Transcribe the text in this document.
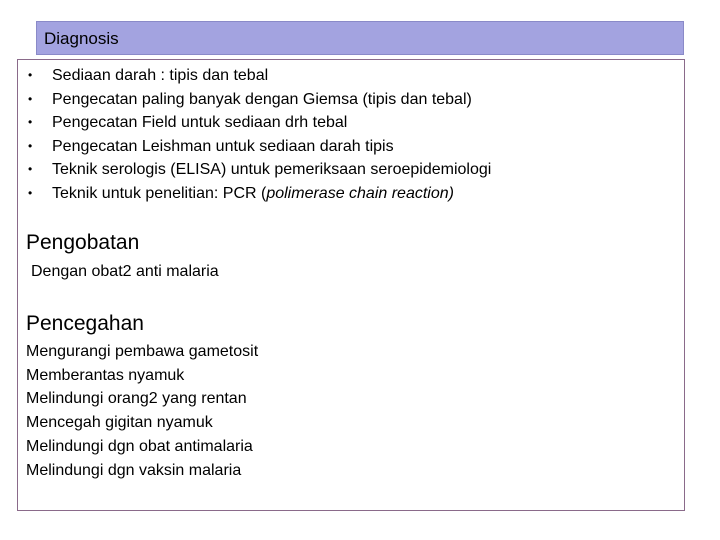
Diagnosis
•	Sediaan darah : tipis dan tebal
•	Pengecatan paling banyak dengan Giemsa (tipis dan tebal)
•	Pengecatan Field untuk sediaan drh tebal
•	Pengecatan Leishman untuk sediaan darah tipis
•	Teknik serologis (ELISA) untuk pemeriksaan seroepidemiologi
•	Teknik untuk penelitian: PCR (polimerase chain reaction)
Pengobatan
Dengan obat2 anti malaria
Pencegahan
Mengurangi pembawa gametosit
Memberantas nyamuk
Melindungi orang2 yang rentan
Mencegah gigitan nyamuk
Melindungi dgn obat antimalaria
Melindungi dgn vaksin malaria
